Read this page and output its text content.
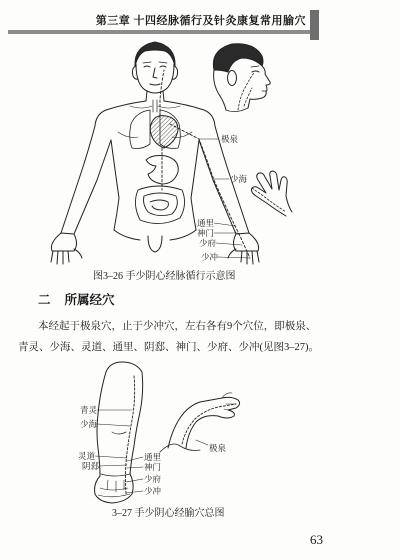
第三章 十四经脉循行及针灸康复常用腧穴
极泉
少海
通里
神门
少府
少冲
图3–26 手少阴心经脉循行示意图
二 所属经穴
本经起于极泉穴，止于少冲穴，左右各有9个穴位，即极泉、青灵、少海、灵道、通里、阴郄、神门、少府、少冲(见图3–27)。
青灵
少海
灵道
阴郄
通里
神门
少府
少冲
极泉
3–27 手少阴心经腧穴总图
63
